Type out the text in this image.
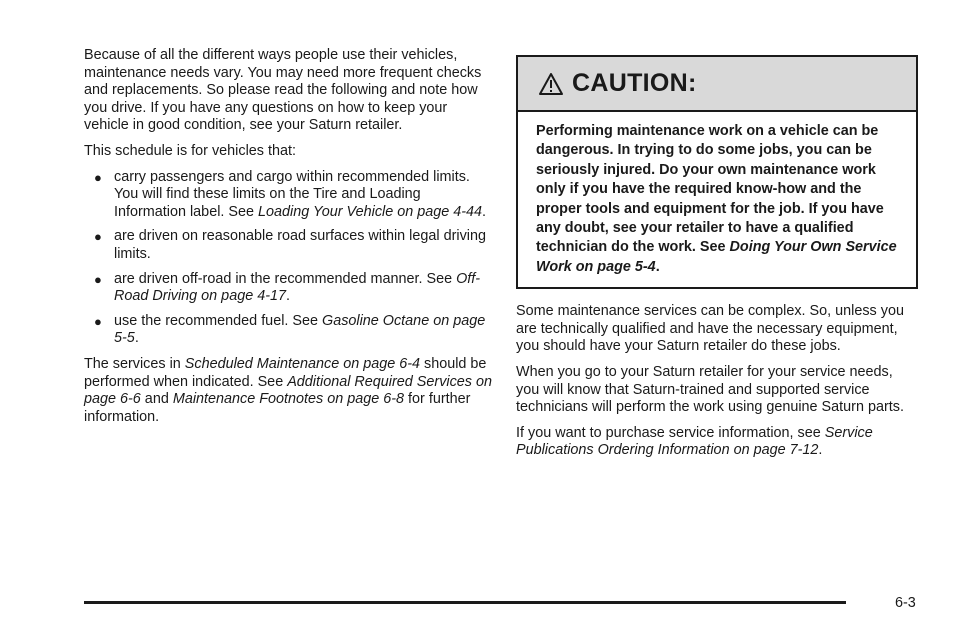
Because of all the different ways people use their vehicles, maintenance needs vary. You may need more frequent checks and replacements. So please read the following and note how you drive. If you have any questions on how to keep your vehicle in good condition, see your Saturn retailer.

This schedule is for vehicles that:

● carry passengers and cargo within recommended limits. You will find these limits on the Tire and Loading Information label. See Loading Your Vehicle on page 4-44.
● are driven on reasonable road surfaces within legal driving limits.
● are driven off-road in the recommended manner. See Off-Road Driving on page 4-17.
● use the recommended fuel. See Gasoline Octane on page 5-5.

The services in Scheduled Maintenance on page 6-4 should be performed when indicated. See Additional Required Services on page 6-6 and Maintenance Footnotes on page 6-8 for further information.

CAUTION:
Performing maintenance work on a vehicle can be dangerous. In trying to do some jobs, you can be seriously injured. Do your own maintenance work only if you have the required know-how and the proper tools and equipment for the job. If you have any doubt, see your retailer to have a qualified technician do the work. See Doing Your Own Service Work on page 5-4.

Some maintenance services can be complex. So, unless you are technically qualified and have the necessary equipment, you should have your Saturn retailer do these jobs.

When you go to your Saturn retailer for your service needs, you will know that Saturn-trained and supported service technicians will perform the work using genuine Saturn parts.

If you want to purchase service information, see Service Publications Ordering Information on page 7-12.

6-3
